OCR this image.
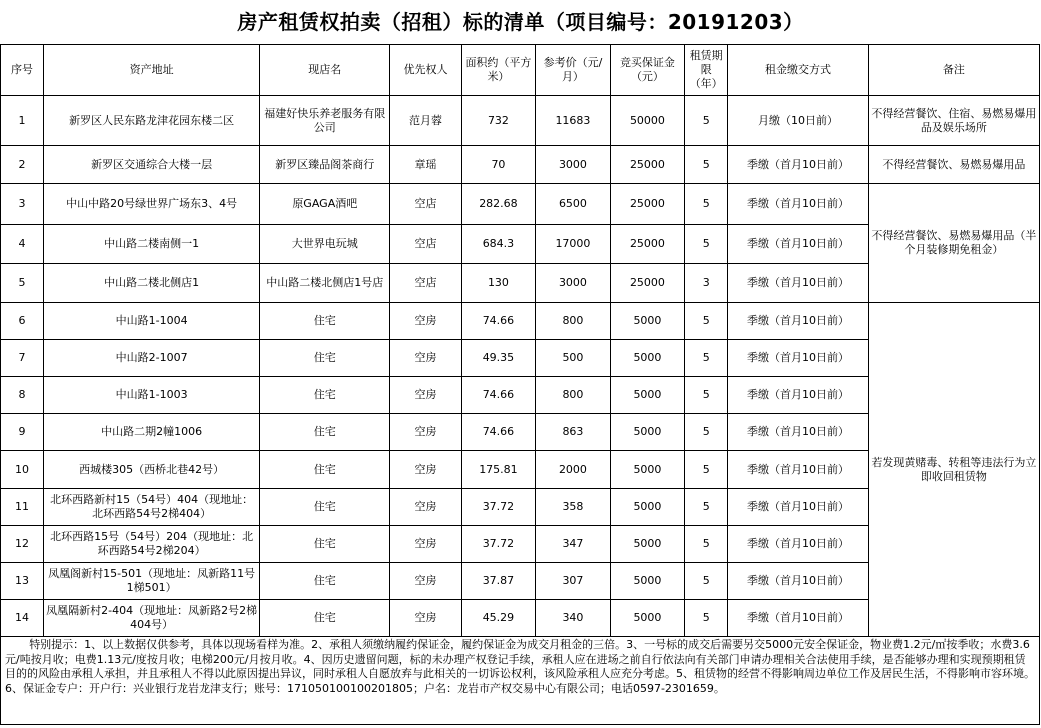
房产租赁权拍卖（招租）标的清单（项目编号：20191203）
序号	资产地址	现店名	优先权人	面积约（平方米）	参考价（元/月）	竞买保证金（元）	租赁期限（年）	租金缴交方式	备注
1	新罗区人民东路龙津花园东楼二区	福建好快乐养老服务有限公司	范月蓉	732	11683	50000	5	月缴（10日前）	不得经营餐饮、住宿、易燃易爆用品及娱乐场所
2	新罗区交通综合大楼一层	新罗区臻品阁茶商行	章瑶	70	3000	25000	5	季缴（首月10日前）	不得经营餐饮、易燃易爆用品
3	中山中路20号绿世界广场东3、4号	原GAGA酒吧	空店	282.68	6500	25000	5	季缴（首月10日前）	不得经营餐饮、易燃易爆用品（半个月装修期免租金）
4	中山路二楼南侧一1	大世界电玩城	空店	684.3	17000	25000	5	季缴（首月10日前）	
5	中山路二楼北侧店1	中山路二楼北侧店1号店	空店	130	3000	25000	3	季缴（首月10日前）	
6	中山路1-1004	住宅	空房	74.66	800	5000	5	季缴（首月10日前）	若发现黄赌毒、转租等违法行为立即收回租赁物
7	中山路2-1007	住宅	空房	49.35	500	5000	5	季缴（首月10日前）	
8	中山路1-1003	住宅	空房	74.66	800	5000	5	季缴（首月10日前）	
9	中山路二期2幢1006	住宅	空房	74.66	863	5000	5	季缴（首月10日前）	
10	西城楼305（西桥北巷42号）	住宅	空房	175.81	2000	5000	5	季缴（首月10日前）	
11	北环西路新村15（54号）404（现地址：北环西路54号2梯404）	住宅	空房	37.72	358	5000	5	季缴（首月10日前）	
12	北环西路15号（54号）204（现地址：北环西路54号2梯204）	住宅	空房	37.72	347	5000	5	季缴（首月10日前）	
13	凤凰阁新村15-501（现地址：凤新路11号1梯501）	住宅	空房	37.87	307	5000	5	季缴（首月10日前）	
14	凤凰隔新村2-404（现地址：凤新路2号2梯404号）	住宅	空房	45.29	340	5000	5	季缴（首月10日前）	

特别提示：1、以上数据仅供参考，具体以现场看样为准。2、承租人须缴纳履约保证金，履约保证金为成交月租金的三倍。3、一号标的成交后需要另交5000元安全保证金，物业费1.2元/㎡按季收；水费3.6元/吨按月收；电费1.13元/度按月收；电梯200元/月按月收。4、因历史遗留问题，标的未办理产权登记手续，承租人应在进场之前自行依法向有关部门申请办理相关合法使用手续，是否能够办理和实现预期租赁目的的风险由承租人承担，并且承租人不得以此原因提出异议，同时承租人自愿放弃与此相关的一切诉讼权利，该风险承租人应充分考虑。5、租赁物的经营不得影响周边单位工作及居民生活，不得影响市容环境。6、保证金专户：开户行：兴业银行龙岩龙津支行；账号：171050100100201805；户名：龙岩市产权交易中心有限公司；电话0597-2301659。									
